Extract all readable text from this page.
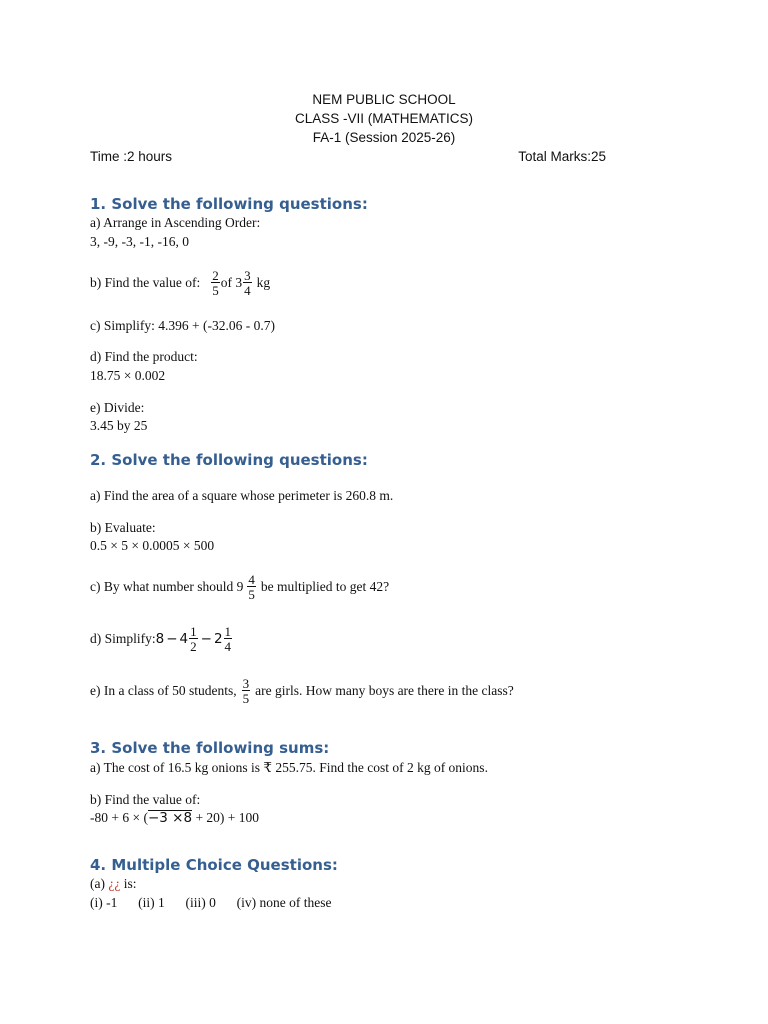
NEM PUBLIC SCHOOL
CLASS -VII (MATHEMATICS)
FA-1 (Session 2025-26)
Time :2 hours	Total Marks:25
1. Solve the following questions:
a) Arrange in Ascending Order:
3, -9, -3, -1, -16, 0
b) Find the value of: $\frac{2}{5}$ of $3 \frac{3}{4}$ kg
c) Simplify: 4.396 + (-32.06 - 0.7)
d) Find the product:
18.75 × 0.002
e) Divide:
3.45 by 25
2. Solve the following questions:
a) Find the area of a square whose perimeter is 260.8 m.
b) Evaluate:
0.5 × 5 × 0.0005 × 500
c) By what number should $9 \frac{4}{5}$ be multiplied to get 42?
d) Simplify: $8 - 4 \frac{1}{2} - 2 \frac{1}{4}$
e) In a class of 50 students, $\frac{3}{5}$ are girls. How many boys are there in the class?
3. Solve the following sums:
a) The cost of 16.5 kg onions is ₹ 255.75. Find the cost of 2 kg of onions.
b) Find the value of:
-80 + 6 × (−3 ×8 + 20) + 100
4. Multiple Choice Questions:
(a) ¿¿ is:
(i) -1 (ii) 1 (iii) 0 (iv) none of these
